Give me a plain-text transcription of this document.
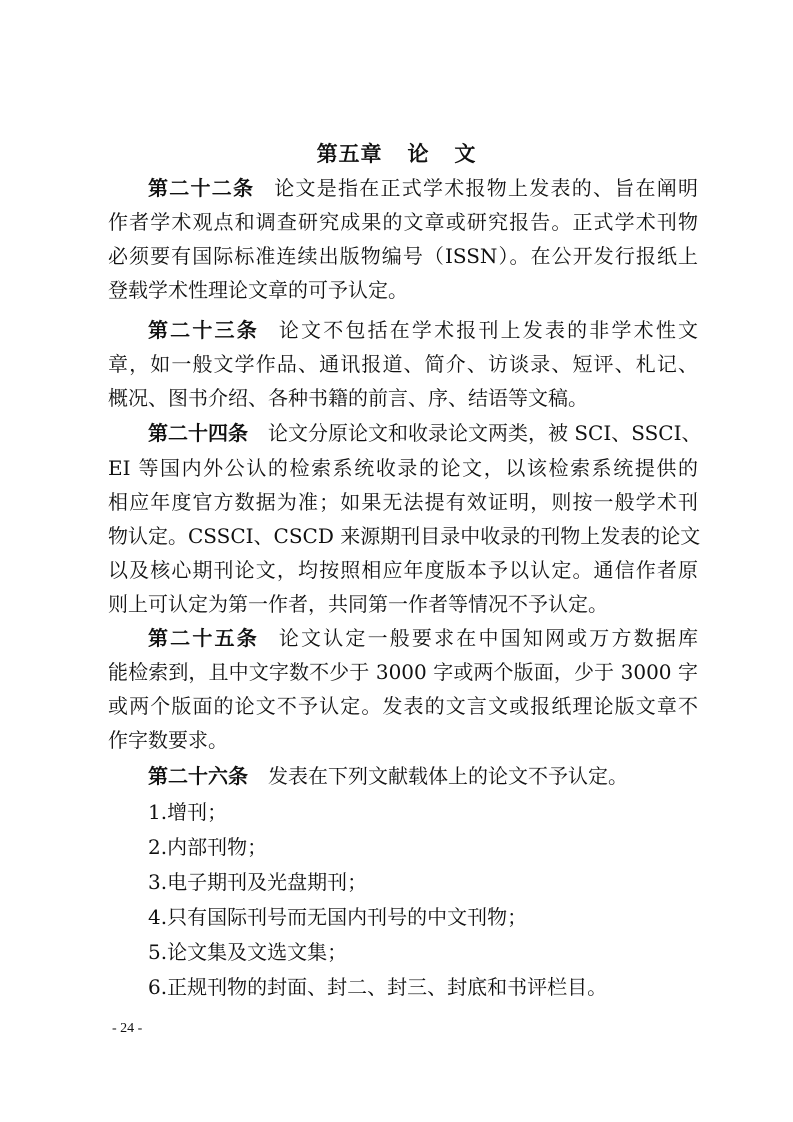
第五章   论   文
第二十二条 论文是指在正式学术报物上发表的、旨在阐明
作者学术观点和调查研究成果的文章或研究报告。正式学术刊物
必须要有国际标准连续出版物编号（ISSN）。在公开发行报纸上
登载学术性理论文章的可予认定。
第二十三条 论文不包括在学术报刊上发表的非学术性文
章，如一般文学作品、通讯报道、简介、访谈录、短评、札记、
概况、图书介绍、各种书籍的前言、序、结语等文稿。
第二十四条 论文分原论文和收录论文两类，被 SCI、SSCI、
EI 等国内外公认的检索系统收录的论文，以该检索系统提供的
相应年度官方数据为准；如果无法提有效证明，则按一般学术刊
物认定。CSSCI、CSCD 来源期刊目录中收录的刊物上发表的论文
以及核心期刊论文，均按照相应年度版本予以认定。通信作者原
则上可认定为第一作者，共同第一作者等情况不予认定。
第二十五条 论文认定一般要求在中国知网或万方数据库
能检索到，且中文字数不少于 3000 字或两个版面，少于 3000 字
或两个版面的论文不予认定。发表的文言文或报纸理论版文章不
作字数要求。
第二十六条 发表在下列文献载体上的论文不予认定。
1.增刊；
2.内部刊物；
3.电子期刊及光盘期刊；
4.只有国际刊号而无国内刊号的中文刊物；
5.论文集及文选文集；
6.正规刊物的封面、封二、封三、封底和书评栏目。
- 24 -
